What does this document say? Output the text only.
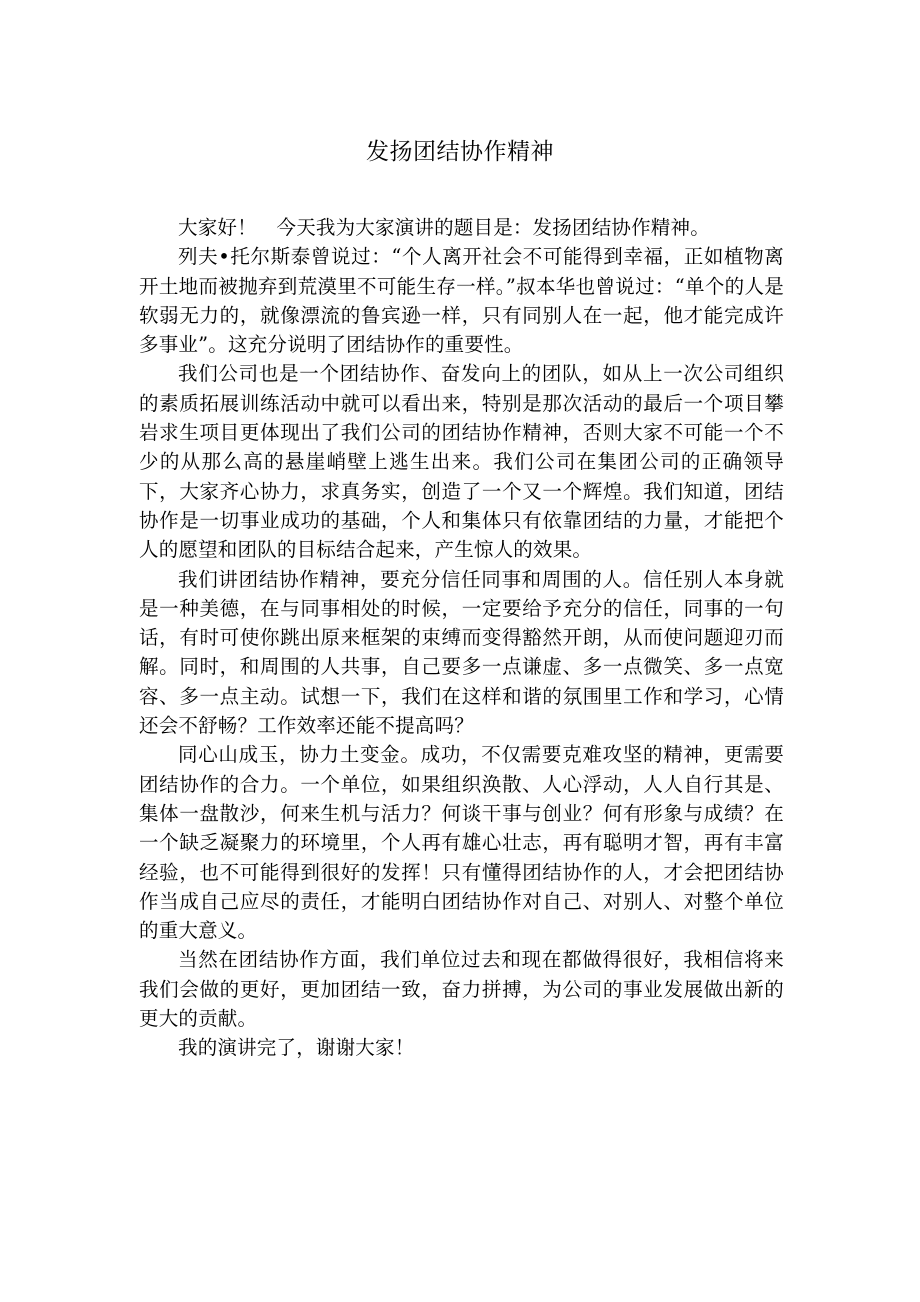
发扬团结协作精神

大家好！　今天我为大家演讲的题目是：发扬团结协作精神。

列夫•托尔斯泰曾说过：“个人离开社会不可能得到幸福，正如植物离开土地而被抛弃到荒漠里不可能生存一样。”叔本华也曾说过：“单个的人是软弱无力的，就像漂流的鲁宾逊一样，只有同别人在一起，他才能完成许多事业”。这充分说明了团结协作的重要性。

我们公司也是一个团结协作、奋发向上的团队，如从上一次公司组织的素质拓展训练活动中就可以看出来，特别是那次活动的最后一个项目攀岩求生项目更体现出了我们公司的团结协作精神，否则大家不可能一个不少的从那么高的悬崖峭壁上逃生出来。我们公司在集团公司的正确领导下，大家齐心协力，求真务实，创造了一个又一个辉煌。我们知道，团结协作是一切事业成功的基础，个人和集体只有依靠团结的力量，才能把个人的愿望和团队的目标结合起来，产生惊人的效果。

我们讲团结协作精神，要充分信任同事和周围的人。信任别人本身就是一种美德，在与同事相处的时候，一定要给予充分的信任，同事的一句话，有时可使你跳出原来框架的束缚而变得豁然开朗，从而使问题迎刃而解。同时，和周围的人共事，自己要多一点谦虚、多一点微笑、多一点宽容、多一点主动。试想一下，我们在这样和谐的氛围里工作和学习，心情还会不舒畅？工作效率还能不提高吗？

同心山成玉，协力土变金。成功，不仅需要克难攻坚的精神，更需要团结协作的合力。一个单位，如果组织涣散、人心浮动，人人自行其是、集体一盘散沙，何来生机与活力？何谈干事与创业？何有形象与成绩？在一个缺乏凝聚力的环境里，个人再有雄心壮志，再有聪明才智，再有丰富经验，也不可能得到很好的发挥！只有懂得团结协作的人，才会把团结协作当成自己应尽的责任，才能明白团结协作对自己、对别人、对整个单位的重大意义。

当然在团结协作方面，我们单位过去和现在都做得很好，我相信将来我们会做的更好，更加团结一致，奋力拼搏，为公司的事业发展做出新的更大的贡献。

我的演讲完了，谢谢大家！
